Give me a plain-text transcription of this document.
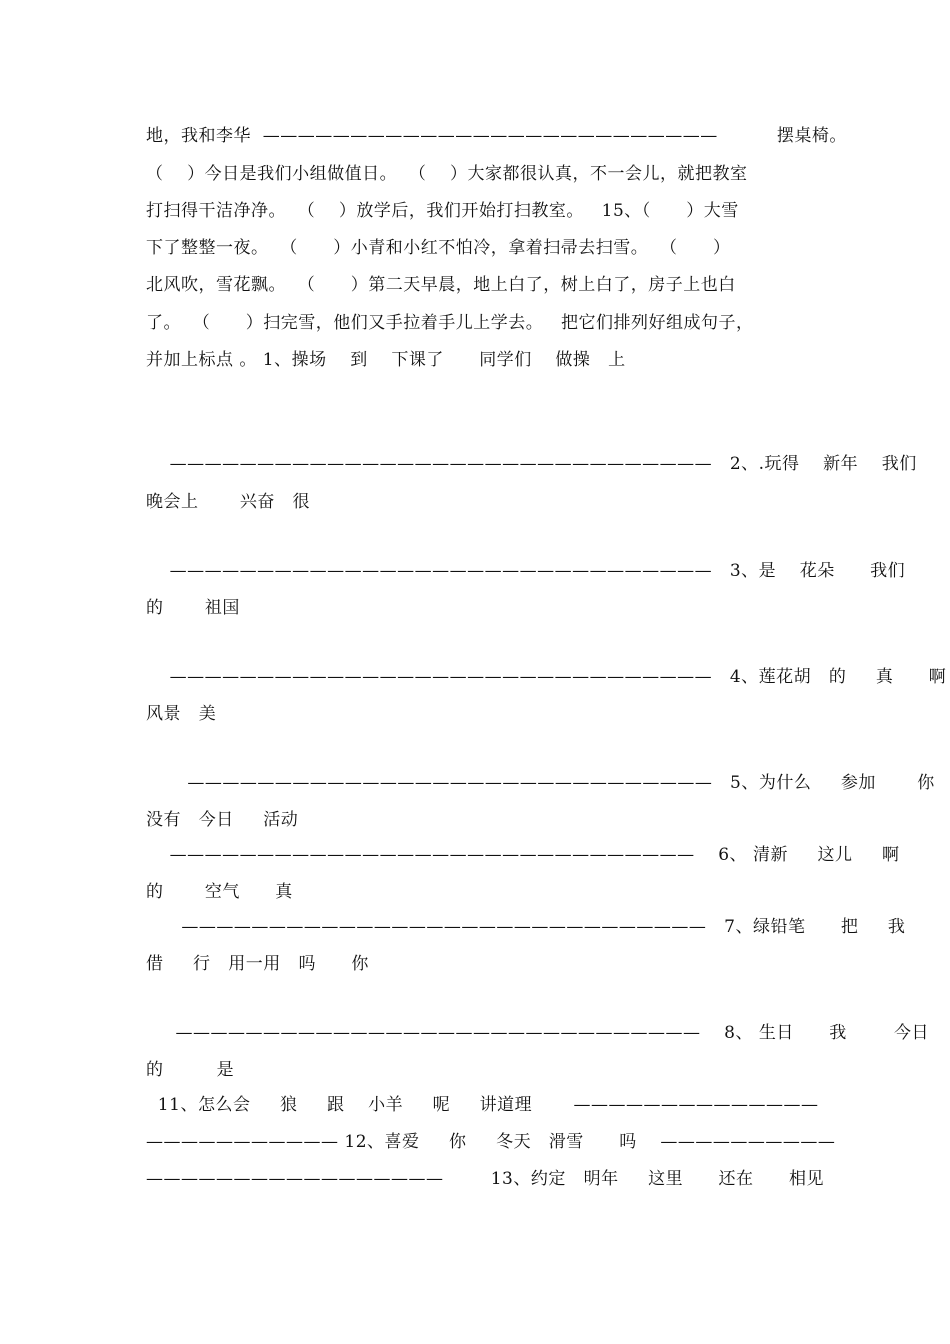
地，我和李华  ——————————————————————————          摆桌椅。
（    ）今日是我们小组做值日。  （    ）大家都很认真，不一会儿，就把教室
打扫得干洁净净。  （    ）放学后，我们开始打扫教室。   15、（      ）大雪
下了整整一夜。  （      ）小青和小红不怕冷，拿着扫帚去扫雪。  （      ）
北风吹，雪花飘。  （      ）第二天早晨，地上白了，树上白了，房子上也白
了。  （      ）扫完雪，他们又手拉着手儿上学去。   把它们排列好组成句子，
并加上标点 。 1、操场    到    下课了      同学们    做操   上
———————————————————————————————   2、.玩得    新年    我们
晚会上       兴奋   很
———————————————————————————————   3、是    花朵      我们
的       祖国
———————————————————————————————   4、莲花胡   的     真      啊
风景   美
——————————————————————————————   5、为什么     参加       你
没有   今日     活动
——————————————————————————————    6、 清新     这儿     啊
的       空气      真
——————————————————————————————   7、绿铅笔      把     我
借     行   用一用   吗      你
——————————————————————————————    8、 生日      我        今日
的         是
11、怎么会     狼     跟    小羊     呢     讲道理       ——————————————
——————————— 12、喜爱     你     冬天   滑雪      吗    ——————————
—————————————————        13、约定   明年     这里      还在      相见
